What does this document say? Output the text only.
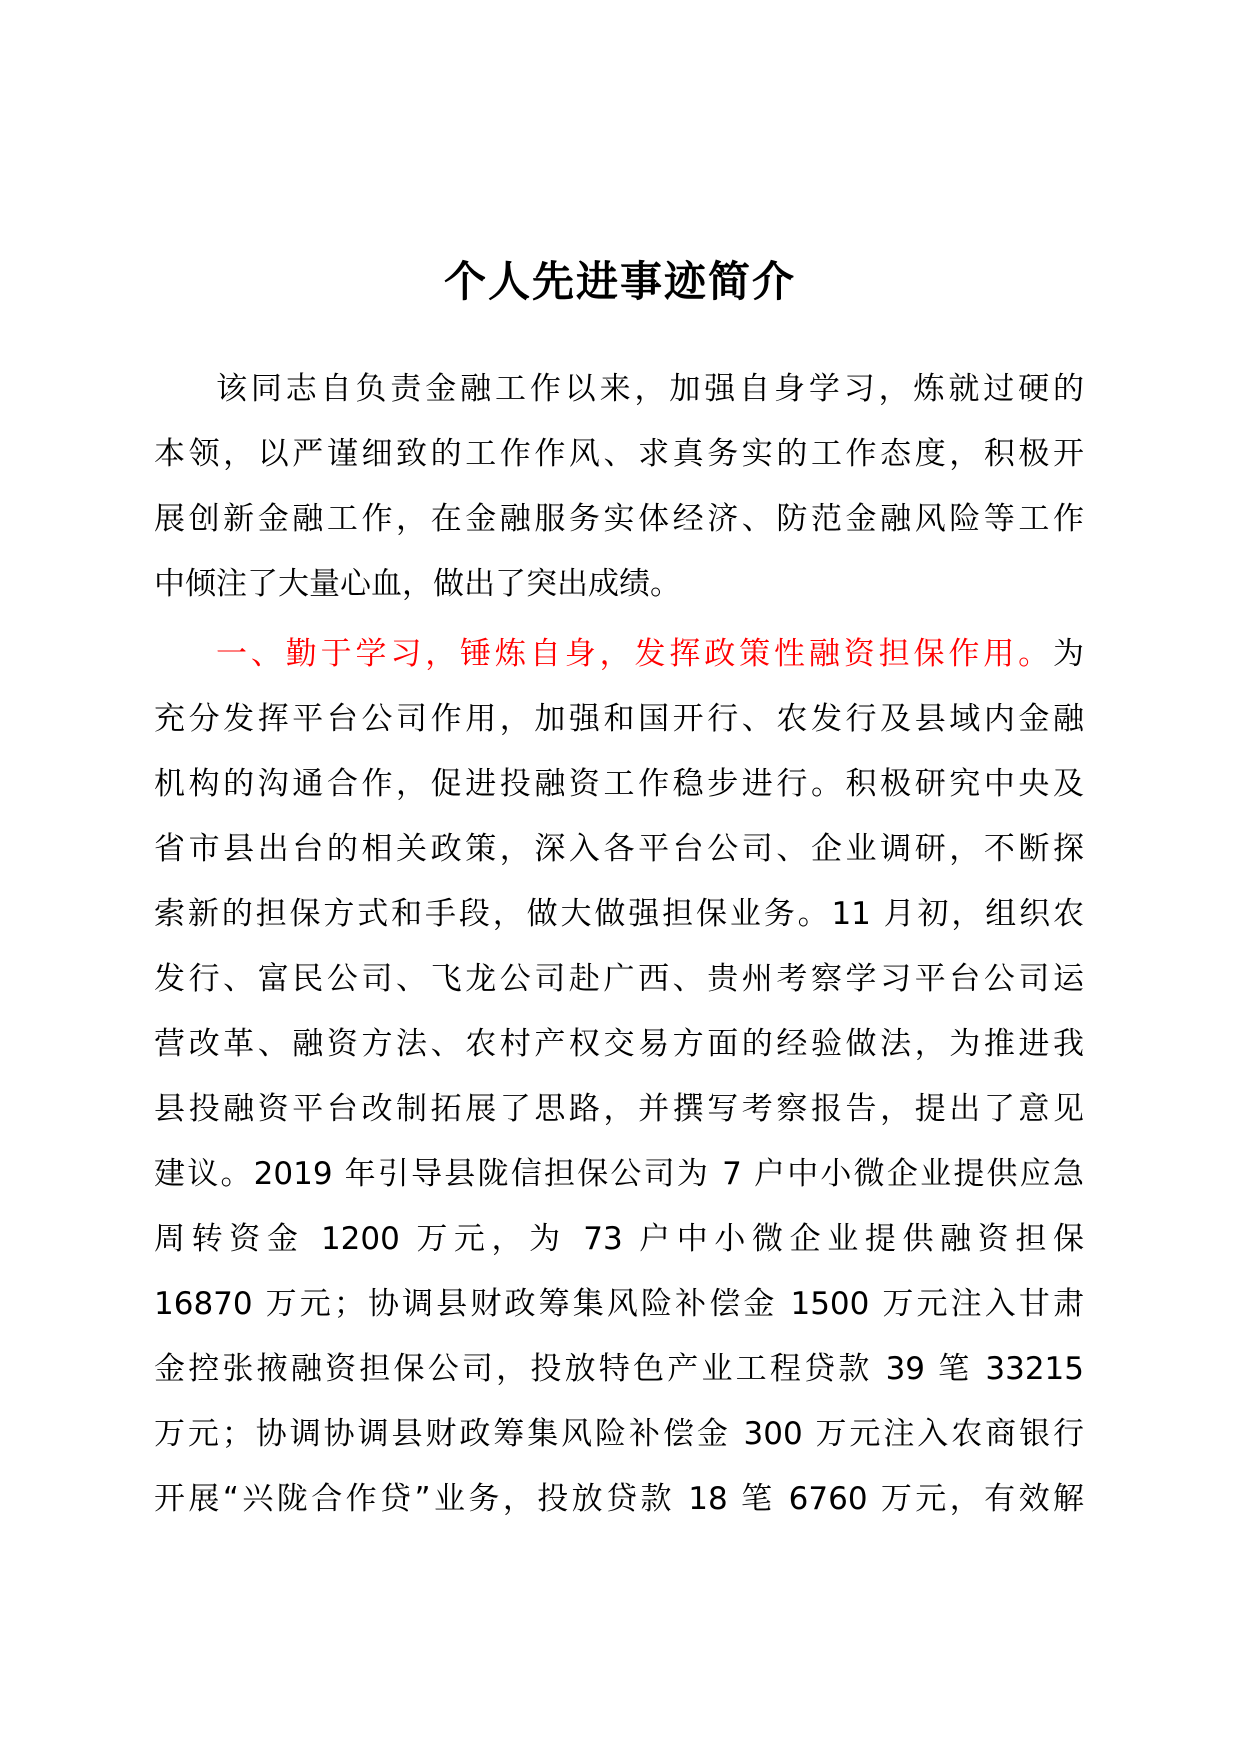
个人先进事迹简介
该同志自负责金融工作以来，加强自身学习，炼就过硬的
本领，以严谨细致的工作作风、求真务实的工作态度，积极开
展创新金融工作，在金融服务实体经济、防范金融风险等工作
中倾注了大量心血，做出了突出成绩。
一、勤于学习，锤炼自身，发挥政策性融资担保作用。为
充分发挥平台公司作用，加强和国开行、农发行及县域内金融
机构的沟通合作，促进投融资工作稳步进行。积极研究中央及
省市县出台的相关政策，深入各平台公司、企业调研，不断探
索新的担保方式和手段，做大做强担保业务。11 月初，组织农
发行、富民公司、飞龙公司赴广西、贵州考察学习平台公司运
营改革、融资方法、农村产权交易方面的经验做法，为推进我
县投融资平台改制拓展了思路，并撰写考察报告，提出了意见
建议。2019 年引导县陇信担保公司为 7 户中小微企业提供应急
周转资金 1200 万元，为 73 户中小微企业提供融资担保
16870 万元；协调县财政筹集风险补偿金 1500 万元注入甘肃
金控张掖融资担保公司，投放特色产业工程贷款 39 笔 33215
万元；协调协调县财政筹集风险补偿金 300 万元注入农商银行
开展“兴陇合作贷”业务，投放贷款 18 笔 6760 万元，有效解
